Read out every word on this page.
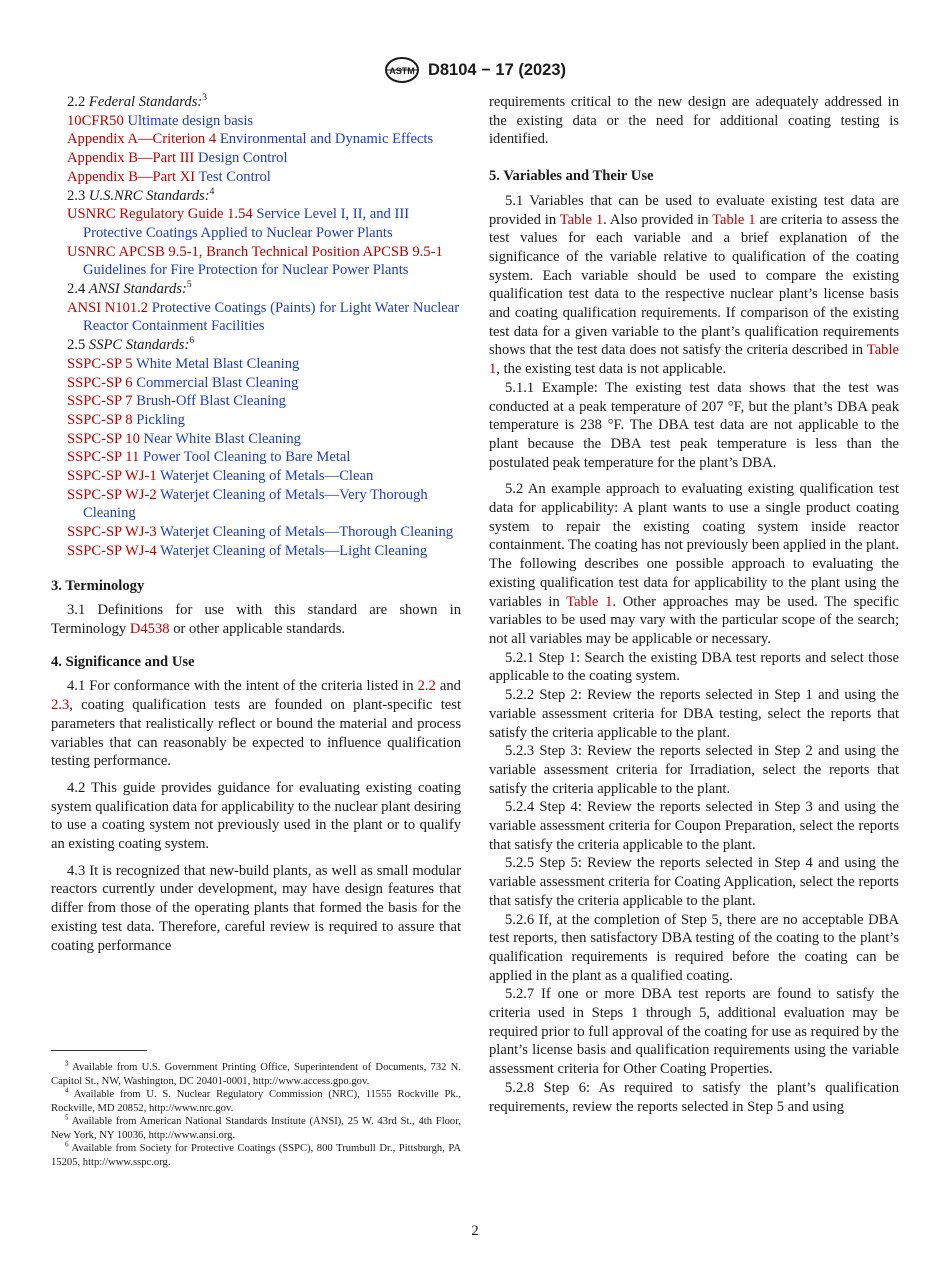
ASTM D8104 − 17 (2023)

2.2 Federal Standards:$^3$

10CFR50 Ultimate design basis

Appendix A—Criterion 4 Environmental and Dynamic Effects

Appendix B—Part III Design Control

Appendix B—Part XI Test Control

2.3 U.S.NRC Standards:$^4$

USNRC Regulatory Guide 1.54 Service Level I, II, and III Protective Coatings Applied to Nuclear Power Plants

USNRC APCSB 9.5-1, Branch Technical Position APCSB 9.5-1 Guidelines for Fire Protection for Nuclear Power Plants

2.4 ANSI Standards:$^5$

ANSI N101.2 Protective Coatings (Paints) for Light Water Nuclear Reactor Containment Facilities

2.5 SSPC Standards:$^6$

SSPC-SP 5 White Metal Blast Cleaning

SSPC-SP 6 Commercial Blast Cleaning

SSPC-SP 7 Brush-Off Blast Cleaning

SSPC-SP 8 Pickling

SSPC-SP 10 Near White Blast Cleaning

SSPC-SP 11 Power Tool Cleaning to Bare Metal

SSPC-SP WJ-1 Waterjet Cleaning of Metals—Clean

SSPC-SP WJ-2 Waterjet Cleaning of Metals—Very Thorough Cleaning

SSPC-SP WJ-3 Waterjet Cleaning of Metals—Thorough Cleaning

SSPC-SP WJ-4 Waterjet Cleaning of Metals—Light Cleaning

3. Terminology

3.1 Definitions for use with this standard are shown in Terminology D4538 or other applicable standards.

4. Significance and Use

4.1 For conformance with the intent of the criteria listed in 2.2 and 2.3, coating qualification tests are founded on plant-specific test parameters that realistically reflect or bound the material and process variables that can reasonably be expected to influence qualification testing performance.

4.2 This guide provides guidance for evaluating existing coating system qualification data for applicability to the nuclear plant desiring to use a coating system not previously used in the plant or to qualify an existing coating system.

4.3 It is recognized that new-build plants, as well as small modular reactors currently under development, may have design features that differ from those of the operating plants that formed the basis for the existing test data. Therefore, careful review is required to assure that coating performance

requirements critical to the new design are adequately addressed in the existing data or the need for additional coating testing is identified.

5. Variables and Their Use

5.1 Variables that can be used to evaluate existing test data are provided in Table 1. Also provided in Table 1 are criteria to assess the test values for each variable and a brief explanation of the significance of the variable relative to qualification of the coating system. Each variable should be used to compare the existing qualification test data to the respective nuclear plant’s license basis and coating qualification requirements. If comparison of the existing test data for a given variable to the plant’s qualification requirements shows that the test data does not satisfy the criteria described in Table 1, the existing test data is not applicable.

5.1.1 Example: The existing test data shows that the test was conducted at a peak temperature of 207 °F, but the plant’s DBA peak temperature is 238 °F. The DBA test data are not applicable to the plant because the DBA test peak temperature is less than the postulated peak temperature for the plant’s DBA.

5.2 An example approach to evaluating existing qualification test data for applicability: A plant wants to use a single product coating system to repair the existing coating system inside reactor containment. The coating has not previously been applied in the plant. The following describes one possible approach to evaluating the existing qualification test data for applicability to the plant using the variables in Table 1. Other approaches may be used. The specific variables to be used may vary with the particular scope of the search; not all variables may be applicable or necessary.

5.2.1 Step 1: Search the existing DBA test reports and select those applicable to the coating system.

5.2.2 Step 2: Review the reports selected in Step 1 and using the variable assessment criteria for DBA testing, select the reports that satisfy the criteria applicable to the plant.

5.2.3 Step 3: Review the reports selected in Step 2 and using the variable assessment criteria for Irradiation, select the reports that satisfy the criteria applicable to the plant.

5.2.4 Step 4: Review the reports selected in Step 3 and using the variable assessment criteria for Coupon Preparation, select the reports that satisfy the criteria applicable to the plant.

5.2.5 Step 5: Review the reports selected in Step 4 and using the variable assessment criteria for Coating Application, select the reports that satisfy the criteria applicable to the plant.

5.2.6 If, at the completion of Step 5, there are no acceptable DBA test reports, then satisfactory DBA testing of the coating to the plant’s qualification requirements is required before the coating can be applied in the plant as a qualified coating.

5.2.7 If one or more DBA test reports are found to satisfy the criteria used in Steps 1 through 5, additional evaluation may be required prior to full approval of the coating for use as required by the plant’s license basis and qualification requirements using the variable assessment criteria for Other Coating Properties.

5.2.8 Step 6: As required to satisfy the plant’s qualification requirements, review the reports selected in Step 5 and using

$^3$ Available from U.S. Government Printing Office, Superintendent of Documents, 732 N. Capitol St., NW, Washington, DC 20401-0001, http://www.access.gpo.gov.

$^4$ Available from U. S. Nuclear Regulatory Commission (NRC), 11555 Rockville Pk., Rockville, MD 20852, http://www.nrc.gov.

$^5$ Available from American National Standards Institute (ANSI), 25 W. 43rd St., 4th Floor, New York, NY 10036, http://www.ansi.org.

$^6$ Available from Society for Protective Coatings (SSPC), 800 Trumbull Dr., Pittsburgh, PA 15205, http://www.sspc.org.

2
